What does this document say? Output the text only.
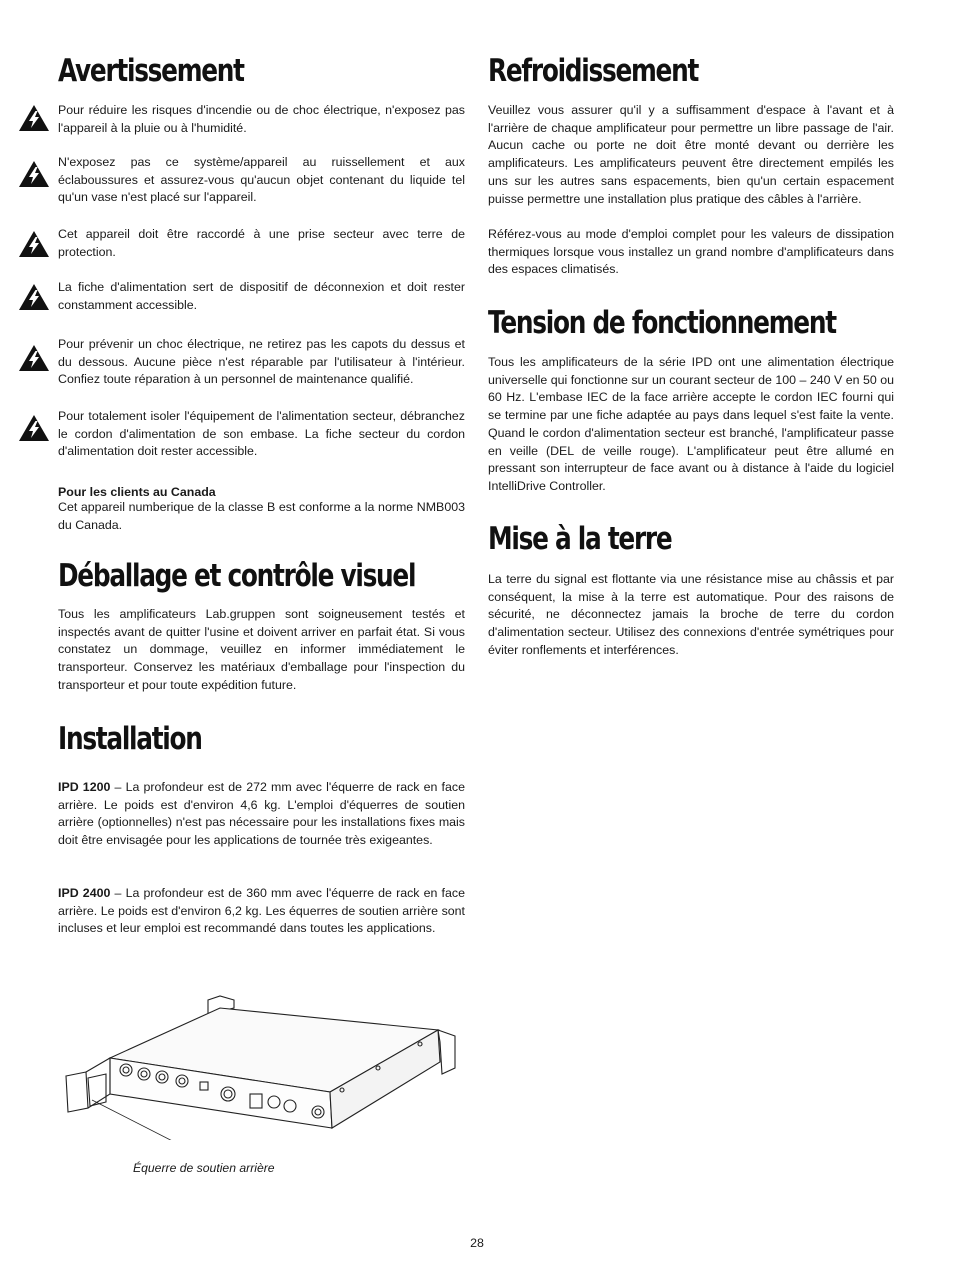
Avertissement

Pour réduire les risques d'incendie ou de choc électrique, n'exposez pas l'appareil à la pluie ou à l'humidité.

N'exposez pas ce système/appareil au ruissellement et aux éclaboussures et assurez-vous qu'aucun objet contenant du liquide tel qu'un vase n'est placé sur l'appareil.

Cet appareil doit être raccordé à une prise secteur avec terre de protection.

La fiche d'alimentation sert de dispositif de déconnexion et doit rester constamment accessible.

Pour prévenir un choc électrique, ne retirez pas les capots du dessus et du dessous. Aucune pièce n'est réparable par l'utilisateur à l'intérieur. Confiez toute réparation à un personnel de maintenance qualifié.

Pour totalement isoler l'équipement de l'alimentation secteur, débranchez le cordon d'alimentation de son embase. La fiche secteur du cordon d'alimentation doit rester accessible.

Pour les clients au Canada

Cet appareil numberique de la classe B est conforme a la norme NMB003 du Canada.

Déballage et contrôle visuel

Tous les amplificateurs Lab.gruppen sont soigneusement testés et inspectés avant de quitter l'usine et doivent arriver en parfait état. Si vous constatez un dommage, veuillez en informer immédiatement le transporteur. Conservez les matériaux d'emballage pour l'inspection du transporteur et pour toute expédition future.

Installation

IPD 1200 – La profondeur est de 272 mm avec l'équerre de rack en face arrière. Le poids est d'environ 4,6 kg. L'emploi d'équerres de soutien arrière (optionnelles) n'est pas nécessaire pour les installations fixes mais doit être envisagée pour les applications de tournée très exigeantes.

IPD 2400 – La profondeur est de 360 mm avec l'équerre de rack en face arrière. Le poids est d'environ 6,2 kg. Les équerres de soutien arrière sont incluses et leur emploi est recommandé dans toutes les applications.

Équerre de soutien arrière
Refroidissement

Veuillez vous assurer qu'il y a suffisamment d'espace à l'avant et à l'arrière de chaque amplificateur pour permettre un libre passage de l'air. Aucun cache ou porte ne doit être monté devant ou derrière les amplificateurs. Les amplificateurs peuvent être directement empilés les uns sur les autres sans espacements, bien qu'un certain espacement puisse permettre une installation plus pratique des câbles à l'arrière.

Référez-vous au mode d'emploi complet pour les valeurs de dissipation thermiques lorsque vous installez un grand nombre d'amplificateurs dans des espaces climatisés.

Tension de fonctionnement

Tous les amplificateurs de la série IPD ont une alimentation électrique universelle qui fonctionne sur un courant secteur de 100 – 240 V en 50 ou 60 Hz. L'embase IEC de la face arrière accepte le cordon IEC fourni qui se termine par une fiche adaptée au pays dans lequel s'est faite la vente. Quand le cordon d'alimentation secteur est branché, l'amplificateur passe en veille (DEL de veille rouge). L'amplificateur peut être allumé en pressant son interrupteur de face avant ou à distance à l'aide du logiciel IntelliDrive Controller.

Mise à la terre

La terre du signal est flottante via une résistance mise au châssis et par conséquent, la mise à la terre est automatique. Pour des raisons de sécurité, ne déconnectez jamais la broche de terre du cordon d'alimentation secteur. Utilisez des connexions d'entrée symétriques pour éviter ronflements et interférences.

28
